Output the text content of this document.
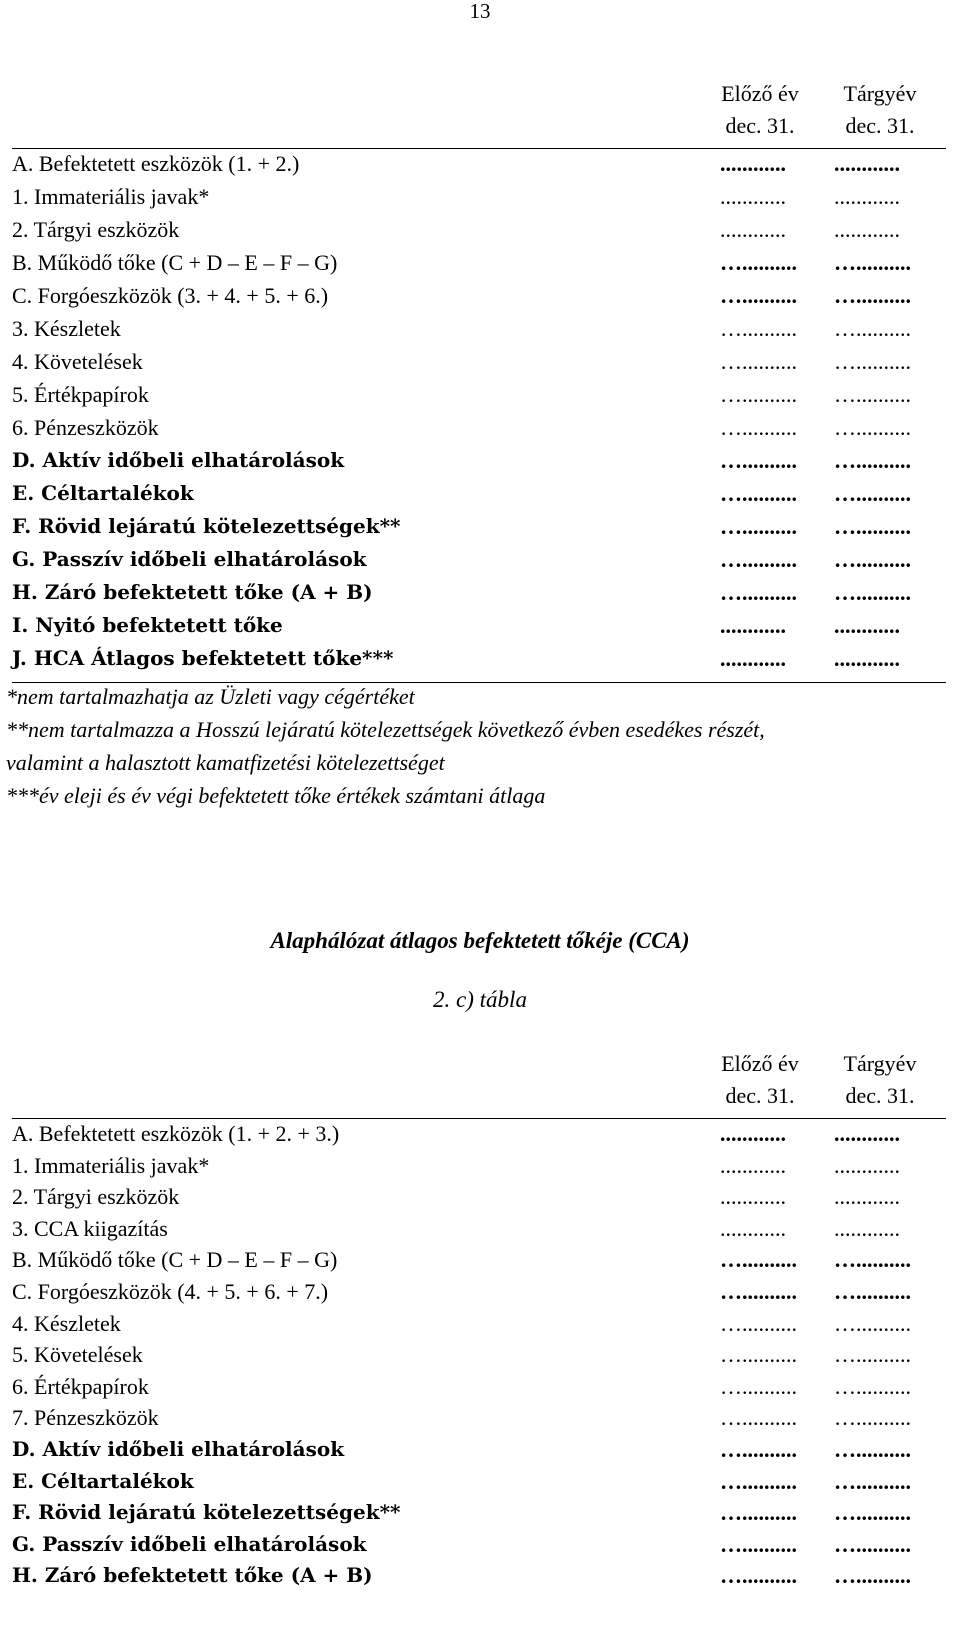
13
Előző év
dec. 31.
Tárgyév
dec. 31.
A. Befektetett eszközök (1. + 2.)	............ ............
1. Immateriális javak*	............ ............
2. Tárgyi eszközök	............ ............
B. Működő tőke (C + D – E – F – G)	….......... …..........
C. Forgóeszközök (3. + 4. + 5. + 6.)	….......... …..........
3. Készletek	….......... …..........
4. Követelések	….......... …..........
5. Értékpapírok	….......... …..........
6. Pénzeszközök	….......... …..........
D. Aktív időbeli elhatárolások	….......... …..........
E. Céltartalékok	….......... …..........
F. Rövid lejáratú kötelezettségek**	….......... …..........
G. Passzív időbeli elhatárolások	….......... …..........
H. Záró befektetett tőke (A + B)	….......... …..........
I. Nyitó befektetett tőke	............ ............
J. HCA Átlagos befektetett tőke***	............ ............
*nem tartalmazhatja az Üzleti vagy cégértéket
**nem tartalmazza a Hosszú lejáratú kötelezettségek következő évben esedékes részét,
valamint a halasztott kamatfizetési kötelezettséget
***év eleji és év végi befektetett tőke értékek számtani átlaga
Alaphálózat átlagos befektetett tőkéje (CCA)
2. c) tábla
Előző év
dec. 31.
Tárgyév
dec. 31.
A. Befektetett eszközök (1. + 2. + 3.)	............ ............
1. Immateriális javak*	............ ............
2. Tárgyi eszközök	............ ............
3. CCA kiigazítás	............ ............
B. Működő tőke (C + D – E – F – G)	….......... …..........
C. Forgóeszközök (4. + 5. + 6. + 7.)	….......... …..........
4. Készletek	….......... …..........
5. Követelések	….......... …..........
6. Értékpapírok	….......... …..........
7. Pénzeszközök	….......... …..........
D. Aktív időbeli elhatárolások	….......... …..........
E. Céltartalékok	….......... …..........
F. Rövid lejáratú kötelezettségek**	….......... …..........
G. Passzív időbeli elhatárolások	….......... …..........
H. Záró befektetett tőke (A + B)	….......... …..........
